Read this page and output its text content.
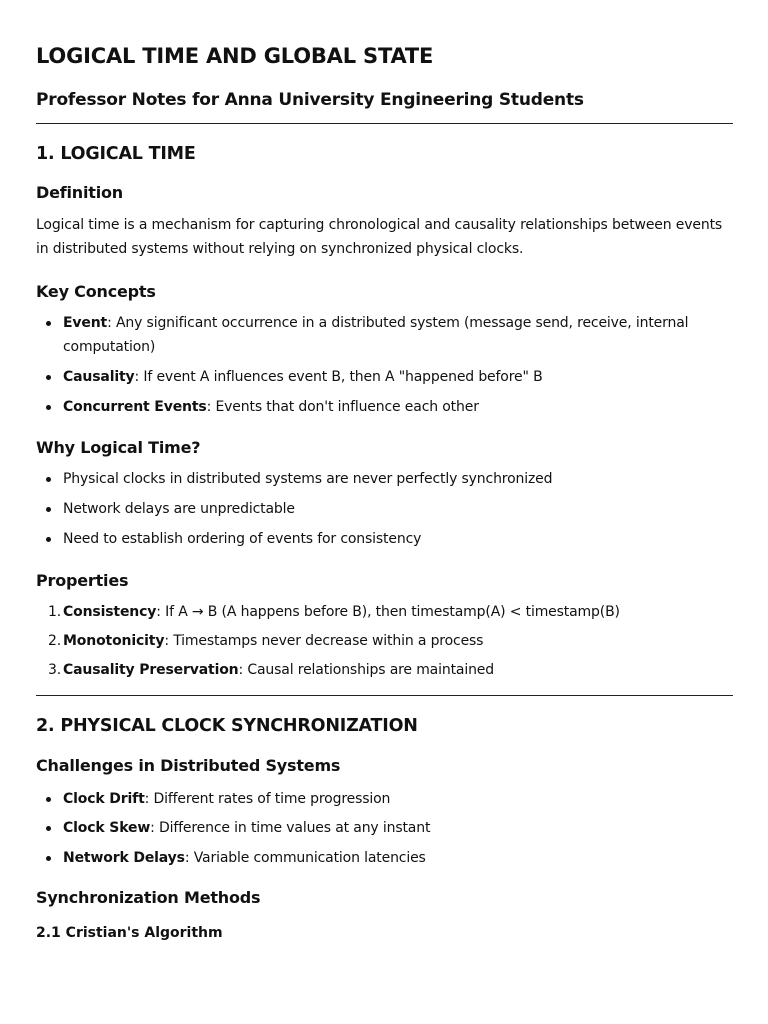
LOGICAL TIME AND GLOBAL STATE
Professor Notes for Anna University Engineering Students
1. LOGICAL TIME
Definition

Logical time is a mechanism for capturing chronological and causality relationships between events in distributed systems without relying on synchronized physical clocks.

Key Concepts
Event: Any significant occurrence in a distributed system (message send, receive, internal computation)
Causality: If event A influences event B, then A "happened before" B
Concurrent Events: Events that don't influence each other
Why Logical Time?
Physical clocks in distributed systems are never perfectly synchronized
Network delays are unpredictable
Need to establish ordering of events for consistency
Properties
1. Consistency: If A → B (A happens before B), then timestamp(A) < timestamp(B)
2. Monotonicity: Timestamps never decrease within a process
3. Causality Preservation: Causal relationships are maintained
2. PHYSICAL CLOCK SYNCHRONIZATION
Challenges in Distributed Systems
Clock Drift: Different rates of time progression
Clock Skew: Difference in time values at any instant
Network Delays: Variable communication latencies
Synchronization Methods
2.1 Cristian's Algorithm
